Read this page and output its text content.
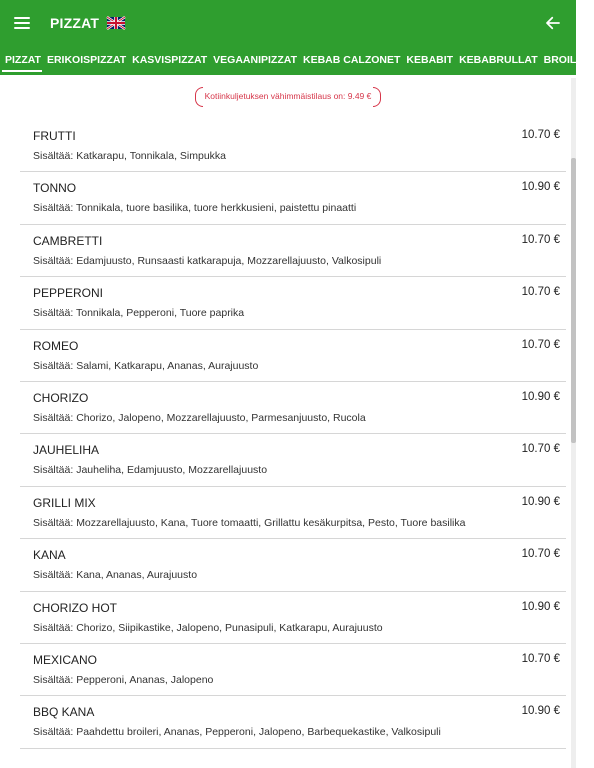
PIZZAT
PIZZAT ERIKOISPIZZAT KASVISPIZZAT VEGAANIPIZZAT KEBAB CALZONET KEBABIT KEBABRULLAT BROILER
Kotiinkuljetuksen vähimmäistilaus on: 9.49 €
FRUTTI	10.70 €
Sisältää: Katkarapu, Tonnikala, Simpukka
TONNO	10.90 €
Sisältää: Tonnikala, tuore basilika, tuore herkkusieni, paistettu pinaatti
CAMBRETTI	10.70 €
Sisältää: Edamjuusto, Runsaasti katkarapuja, Mozzarellajuusto, Valkosipuli
PEPPERONI	10.70 €
Sisältää: Tonnikala, Pepperoni, Tuore paprika
ROMEO	10.70 €
Sisältää: Salami, Katkarapu, Ananas, Aurajuusto
CHORIZO	10.90 €
Sisältää: Chorizo, Jalopeno, Mozzarellajuusto, Parmesanjuusto, Rucola
JAUHELIHA	10.70 €
Sisältää: Jauheliha, Edamjuusto, Mozzarellajuusto
GRILLI MIX	10.90 €
Sisältää: Mozzarellajuusto, Kana, Tuore tomaatti, Grillattu kesäkurpitsa, Pesto, Tuore basilika
KANA	10.70 €
Sisältää: Kana, Ananas, Aurajuusto
CHORIZO HOT	10.90 €
Sisältää: Chorizo, Siipikastike, Jalopeno, Punasipuli, Katkarapu, Aurajuusto
MEXICANO	10.70 €
Sisältää: Pepperoni, Ananas, Jalopeno
BBQ KANA	10.90 €
Sisältää: Paahdettu broileri, Ananas, Pepperoni, Jalopeno, Barbequekastike, Valkosipuli
